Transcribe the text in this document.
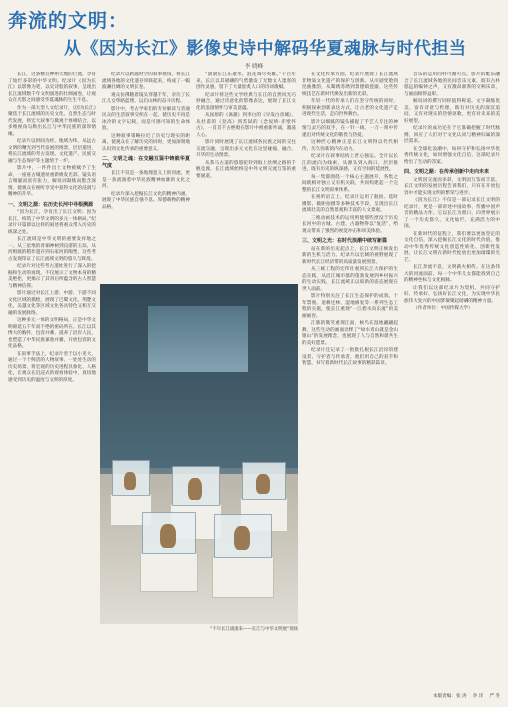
奔流的文明：
从《因为长江》影像史诗中解码华夏魂脉与时代担当
李 晓峰

长江，这条横亘神州大地的巨流，孕育了灿烂多彩的中华文明。纪录片《因为长江》以影像为笔，以史诗般的叙事，呈现出长江流域数千年文明演进的壮阔画卷，让观众在光影之间感受华夏魂脉的生生不息。

作为一部大型人文纪录片，《因为长江》聚焦于长江流域的历史文化、自然生态与时代发展，将宏大叙事与微观个体相结合，以多维视角勾勒出长江与中华民族的深厚情缘。

纪录片以时间为经、地域为纬，从远古文明的曙光到当代发展的图景，层层递进，将长江流域的考古发现、文化遗产、民族交融与生态保护等主题熔于一炉。

影片中，一件件出土文物被赋予了生命，一座座古城遗址重新焕发光彩。镜头语言细腻而富有张力，解说词凝练而饱含深情，使观众在视听享受中获得文化的浸润与精神的升华。

一、文明之源：在历史长河中寻根溯源

“因为长江，孕育出了长江文明；因为长江，构筑了中华文明的多元一体格局。”纪录片开篇即以这样的叙述将观众带入历史的纵深之处。

长江流域是中华文明的重要发祥地之一。从三星堆的青铜神树到良渚的玉琮，从河姆渡的稻作遗存到石家河的陶塑，这些考古发现印证了长江流域文明的悠久与辉煌。

纪录片对这些考古遗址进行了深入的挖掘和生动的再现，不仅展示了文物本身的精美绝伦，更揭示了其背后所蕴含的古人智慧与精神信仰。

影片通过对长江上游、中游、下游不同文化区域的描绘，展现了巴蜀文化、荆楚文化、吴越文化等区域文化各具特色又相互交融的发展脉络。

这种多元一体的文明格局，正是中华文明绵延五千年而不绝的密码所在。长江以其博大的胸怀，包容并蓄，滋养了沿岸人民，也塑造了中华民族兼收并蓄、开放包容的文化品格。

在叙事手法上，纪录片善于以小见大，通过一个个鲜活的人物故事、一处处生动的历史场景，将宏观的历史进程具象化、人格化，让观众在沉浸式的观看体验中，真切地感受到历史的温度与文明的厚度。

纪录片以跨越时空的叙事视角，将长江流域各地的文化遗存串联起来，构成了一幅波澜壮阔的文明长卷。

观众仿佛随着镜头穿越千年，亲历了长江儿女筚路蓝缕、以启山林的奋斗历程。

影片中，考古学家们的专业解读与普通民众的生活叙事交织在一起，使历史不再是冰冷的文字记载，而是可感可知的生命体验。

这种叙事策略拉近了历史与现实的距离，使观众在了解历史的同时，更加深刻地认识到文化传承的重要意义。

二、文明之魂：在交融互鉴中铸就华夏气度

长江不仅是一条地理意义上的河流，更是一条流淌着中华民族精神血脉的文化之河。

纪录片深入挖掘长江文化的精神内涵，展现了中华民族自强不息、厚德载物的精神品格。

“滚滚长江东逝水，浪花淘尽英雄。”千百年来，长江以其磅礴的气势激发了无数文人墨客的创作灵感，留下了大量脍炙人口的诗词歌赋。

纪录片将这些文学经典与长江的自然风光巧妙融合，通过诗意化的影像表达，展现了长江文化的浪漫情怀与审美意蕴。

从屈原的《离骚》到李白的《早发白帝城》，从杜甫的《登高》到苏轼的《念奴娇·赤壁怀古》，一首首千古绝唱在影片中被重新吟诵，激荡人心。

影片同时展现了长江流域各民族之间的交往交流交融，呈现出多元文化在这里碰撞、融合、升华的生动图景。

从茶马古道的悠悠驼铃到海上丝绸之路的千帆竞渡，长江流域始终是中外文明交流互鉴的重要通道。

“不尽长江滚滚来——长江与中华文明展”现场

在文化传承方面，纪录片展现了长江流域非物质文化遗产的保护与创新。从川剧变脸到昆曲雅韵，从蜀绣苏绣到景德镇瓷器，这些传统技艺在新时代焕发出新的光彩。

年轻一代的传承人们在坚守传统的同时，积极探索创新表达方式，让古老的文化遗产走进现代生活，走向世界舞台。

影片以细腻的镜头捕捉了手艺人专注的神情与灵巧的双手，在一针一线、一刀一刻中传递出对传统文化的敬畏与热爱。

这种匠心精神正是长江文明得以代代相传、历久弥新的内在动力。

纪录片在叙事结构上匠心独运。全片以长江的流向为线索，从源头到入海口，层层推进，既有历史的纵深感，又有空间的延展性。

每一集都围绕一个核心主题展开，各集之间既相对独立又有机关联，共同构建起一个完整的长江文明叙事体系。

在视听语言上，纪录片运用了航拍、延时摄影、微距拍摄等多种技术手段，呈现出长江流域壮美的自然景观和丰富的人文景观。

三维动画技术的运用则使那些湮没于历史长河中的古城、古建、古器物得以“复活”，给观众带来了强烈的视觉冲击和审美体验。

三、文明之光：在时代浪潮中续写新篇

站在新的历史起点上，长江文明正焕发出新的生机与活力。纪录片以宏阔的视野展现了新时代长江经济带的高质量发展图景。

从三峡工程的宏伟壮观到长江大保护的生态实践，从沿江城市群的蓬勃发展到乡村振兴的生动实践，长江流域正以崭新的姿态展现在世人面前。

影片特别关注了长江生态保护的成效。十年禁渔、退耕还林、湿地修复等一系列生态工程的实施，使长江重现“一江碧水向东流”的美丽画卷。

江豚的微笑重现江面，候鸟在湿地翩翩起舞，这些生动的画面诠释了“绿水青山就是金山银山”的发展理念，也展现了人与自然和谐共生的美好愿景。

纪录片还记录了一批批扎根长江沿岸的建设者、守护者与传承者，他们用自己的双手和智慧，书写着新时代长江故事的精彩篇章。

音乐的运用同样可圈可点。影片的配乐融合了长江流域各地的民间音乐元素，既有古朴悠远的编钟之声，又有激昂澎湃的交响乐章，与画面相得益彰。

解说词的撰写同样值得称道。文字凝练优美，富有诗意与哲理，既有对历史的深沉追问，又有对现实的热情讴歌，更有对未来的美好展望。

纪录片的成功还在于它准确把握了时代脉搏，回应了人们对于文化认同与精神归属的深层需求。

在全球化浪潮中，如何守护和弘扬中华优秀传统文化，如何增强文化自信，这部纪录片给出了生动的答案。

四、文明之路：在传承创新中走向未来

文明因交流而多彩，文明因互鉴而丰富。长江文明的发展历程告诉我们，只有在开放包容中才能实现文明的繁荣与进步。

《因为长江》不仅是一部记录长江文明的纪录片，更是一部讲述中国故事、传播中国声音的精品力作。它以长江为窗口，向世界展示了一个历史悠久、文化灿烂、充满活力的中国。

在新时代的征程上，我们要以更加坚定的文化自信，深入挖掘长江文化的时代价值，推动中华优秀传统文化创造性转化、创新性发展，让长江文明在新时代绽放出更加璀璨的光芒。

长江奔流不息，文明薪火相传。在这条伟大的河流面前，每一个中华儿女都能找到自己的精神坐标与文化根脉。

让我们以这部纪录片为契机，共同守护好、传承好、弘扬好长江文化，为实现中华民族伟大复兴的中国梦凝聚起磅礴的精神力量。

（作者单位：中国传媒大学）

本版责编：张 涛　 李 洋　 严 冬
